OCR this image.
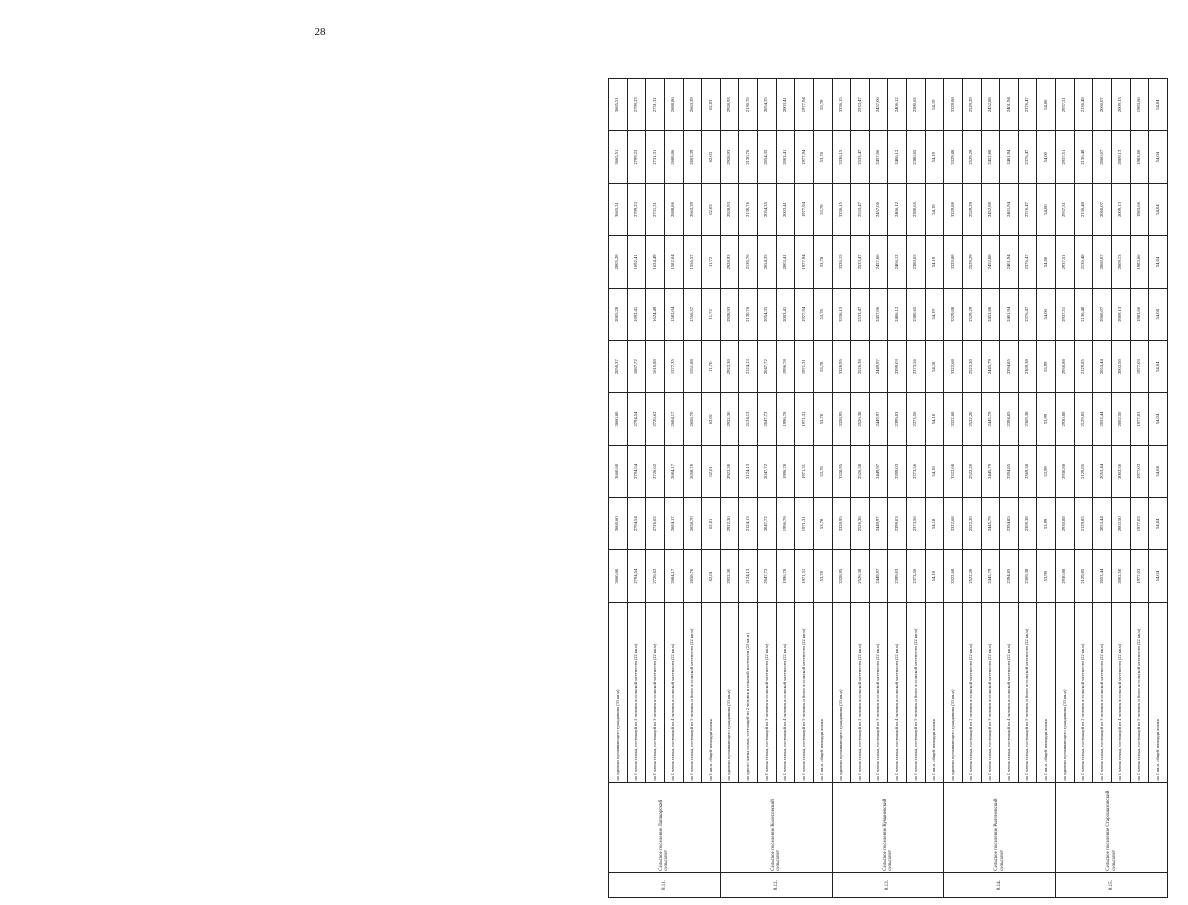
28
8.11.	Сельское поселение Лапшарский сельсовет	на одиноко проживающего гражданина (33 кв.м)	3660,60	3660,60	3660,60	3660,60	2050,37	2005,28	2005,28	3665,51	3665,51	3665,51
		на 1 члена семьи, состоящей из 2 человек в сельской местности (22 кв.м)	2794,54	2794,54	2794,54	2794,54	1687,72	1692,41	1692,41	2799,23	2799,23	2799,23
		на 1 члена семьи, состоящей из 3 человек в сельской местности (22 кв.м)	2726,62	2726,62	2726,62	2726,62	1610,80	1624,49	1624,49	2731,31	2731,31	2731,31
		на 1 члена семьи, состоящей из 4 человек в сельской местности (22 кв.м)	2684,17	2684,17	2684,17	2684,17	1577,35	1582,04	1582,04	2688,86	2688,86	2688,86
		на 1 члена семьи, состоящей из 5 человек и более в сельской местности (22 кв.м)	2658,70	2658,70	2658,70	2658,70	1551,88	1556,57	1556,57	2663,39	2663,39	2663,39
		на 1 кв.м. общей площади жилья	62,01	62,01	62,01	62,01	11,70	11,72	11,72	62,03	62,03	62,03
8.12.	Сельское поселение Колесовский сельсовет	на одиноко проживающего гражданина (33 кв.м)	2922,30	2922,30	2922,30	2922,30	2922,30	2928,93	2928,93	2928,93	2928,93	2928,93
		на одного члена семьи, состоящей из 2 человек в сельской местности (22 кв.м)	2124,13	2124,13	2124,13	2124,13	2124,13	2130,76	2130,76	2130,76	2130,76	2130,76
		на 1 члена семьи, состоящей из 3 человек в сельской местности (22 кв.м)	2047,72	2047,72	2047,72	2047,72	2047,72	2054,35	2054,35	2054,35	2054,35	2054,35
		на 1 члена семьи, состоящей из 4 человек в сельской местности (22 кв.м)	1996,78	1996,78	1996,78	1996,78	1996,78	2003,41	2003,41	2003,41	2003,41	2003,41
		на 1 члена семьи, состоящей из 5 человек и более в сельской местности (22 кв.м)	1971,31	1971,31	1971,31	1971,31	1971,31	1977,94	1977,94	1977,94	1977,94	1977,94
		на 1 кв.м. общей площади жилья	53,78	53,78	53,78	53,78	53,78	53,78	53,78	53,78	53,78	53,78
8.13.	Сельское поселение Куманевский сельсовет	на одиноко проживающего гражданина (33 кв.м)	3328,95	3328,95	3328,95	3328,95	3328,95	3336,15	3336,15	3336,15	3336,15	3336,15
		на 1 члена семьи, состоящей из 2 человек в сельской местности (22 кв.м)	2526,38	2526,38	2526,38	2526,38	2526,38	2533,47	2533,47	2533,47	2533,47	2533,47
		на 1 члена семьи, состоящей из 3 человек в сельской местности (22 кв.м)	2449,97	2449,97	2449,97	2449,97	2449,97	2457,06	2457,06	2457,06	2457,06	2457,06
		на 1 члена семьи, состоящей из 4 человек в сельской местности (22 кв.м)	2399,03	2399,03	2399,03	2399,03	2399,03	2406,12	2406,12	2406,12	2406,12	2406,12
		на 1 члена семьи, состоящей из 5 человек и более в сельской местности (22 кв.м)	2373,56	2373,56	2373,56	2373,56	2373,56	2380,65	2380,65	2380,65	2380,65	2380,65
		на 1 кв.м. общей площади жилья	54,18	54,18	54,18	54,18	54,18	54,19	54,19	54,19	54,19	54,19
8.14.	Сельское поселение Рыгоновский сельсовет	на одиноко проживающего гражданина (33 кв.м)	3322,68	3322,68	3322,68	3322,68	3322,68	3329,88	3329,88	3329,88	3329,88	3329,88
		на 1 члена семьи, состоящей из 2 человек в сельской местности (22 кв.м)	2522,20	2522,20	2522,20	2522,20	2522,20	2529,29	2529,29	2529,29	2529,29	2529,29
		на 1 члена семьи, состоящей из 3 человек в сельской местности (22 кв.м)	2445,79	2445,79	2445,79	2445,79	2445,79	2452,88	2452,88	2452,88	2452,88	2452,88
		на 1 члена семьи, состоящей из 4 человек в сельской местности (22 кв.м)	2394,85	2394,85	2394,85	2394,85	2394,85	2401,94	2401,94	2401,94	2401,94	2401,94
		на 1 члена семьи, состоящей из 5 человек и более в сельской местности (22 кв.м)	2369,38	2369,38	2369,38	2369,38	2369,38	2376,47	2376,47	2376,47	2376,47	2376,47
		на 1 кв.м. общей площади жилья	53,99	53,99	53,99	53,99	53,99	54,00	54,00	54,00	54,00	54,00
8.15.	Сельское поселение Старошаховский сельсовет	на одиноко проживающего гражданина (33 кв.м)	2930,88	2930,88	2930,88	2930,88	2930,88	2937,51	2937,51	2937,51	2937,51	2937,51
		на 1 члена семьи, состоящей из 2 человек в сельской местности (22 кв.м)	2129,85	2129,85	2129,85	2129,85	2129,85	2136,48	2136,48	2136,48	2136,48	2136,48
		на 1 члена семьи, состоящей из 3 человек в сельской местности (22 кв.м)	2053,44	2053,44	2053,44	2053,44	2053,44	2060,07	2060,07	2060,07	2060,07	2060,07
		на 1 члена семьи, состоящей из 4 человек в сельской местности (22 кв.м)	2002,50	2002,50	2002,50	2002,50	2002,50	2009,13	2009,13	2009,13	2009,13	2009,13
		на 1 члена семьи, состоящей из 5 человек и более в сельской местности (22 кв.м)	1977,03	1977,03	1977,03	1977,03	1977,03	1983,66	1983,66	1983,66	1983,66	1983,66
		на 1 кв.м. общей площади жилья	54,04	54,04	54,04	54,04	54,04	54,04	54,04	54,04	54,04	54,04
